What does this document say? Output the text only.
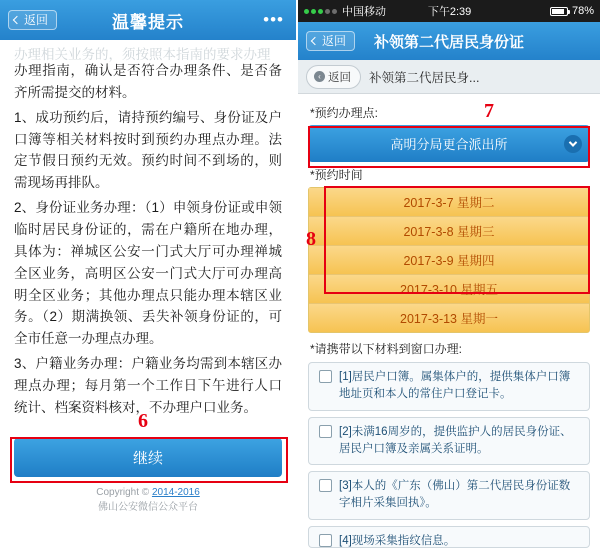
返回	温馨提示	•••
办理相关业务的，须按照本指南的要求办理

办理指南，确认是否符合办理条件、是否备齐所需提交的材料。

1、成功预约后，请持预约编号、身份证及户口簿等相关材料按时到预约办理点办理。法定节假日预约无效。预约时间不到场的，则需现场再排队。

2、身份证业务办理：（1）申领身份证或申领临时居民身份证的，需在户籍所在地办理，具体为：禅城区公安一门式大厅可办理禅城全区业务，高明区公安一门式大厅可办理高明全区业务；其他办理点只能办理本辖区业务。（2）期满换领、丢失补领身份证的，可全市任意一办理点办理。

3、户籍业务办理：户籍业务均需到本辖区办理点办理；每月第一个工作日下午进行人口统计、档案资料核对，不办理户口业务。

继续
6
Copyright © 2014-2016
佛山公安微信公众平台
中国移动	下午2:39	78%
返回	补领第二代居民身份证
‹ 返回 补领第二代居民身...
*预约办理点:
高明分局更合派出所
*预约时间
2017-3-7 星期二
2017-3-8 星期三
2017-3-9 星期四
2017-3-10 星期五
2017-3-13 星期一
*请携带以下材料到窗口办理:
[1]居民户口簿。属集体户的，提供集体户口簿地址页和本人的常住户口登记卡。
[2]未满16周岁的，提供监护人的居民身份证、居民户口簿及亲属关系证明。
[3]本人的《广东（佛山）第二代居民身份证数字相片采集回执》。
[4]现场采集指纹信息。
7
8
